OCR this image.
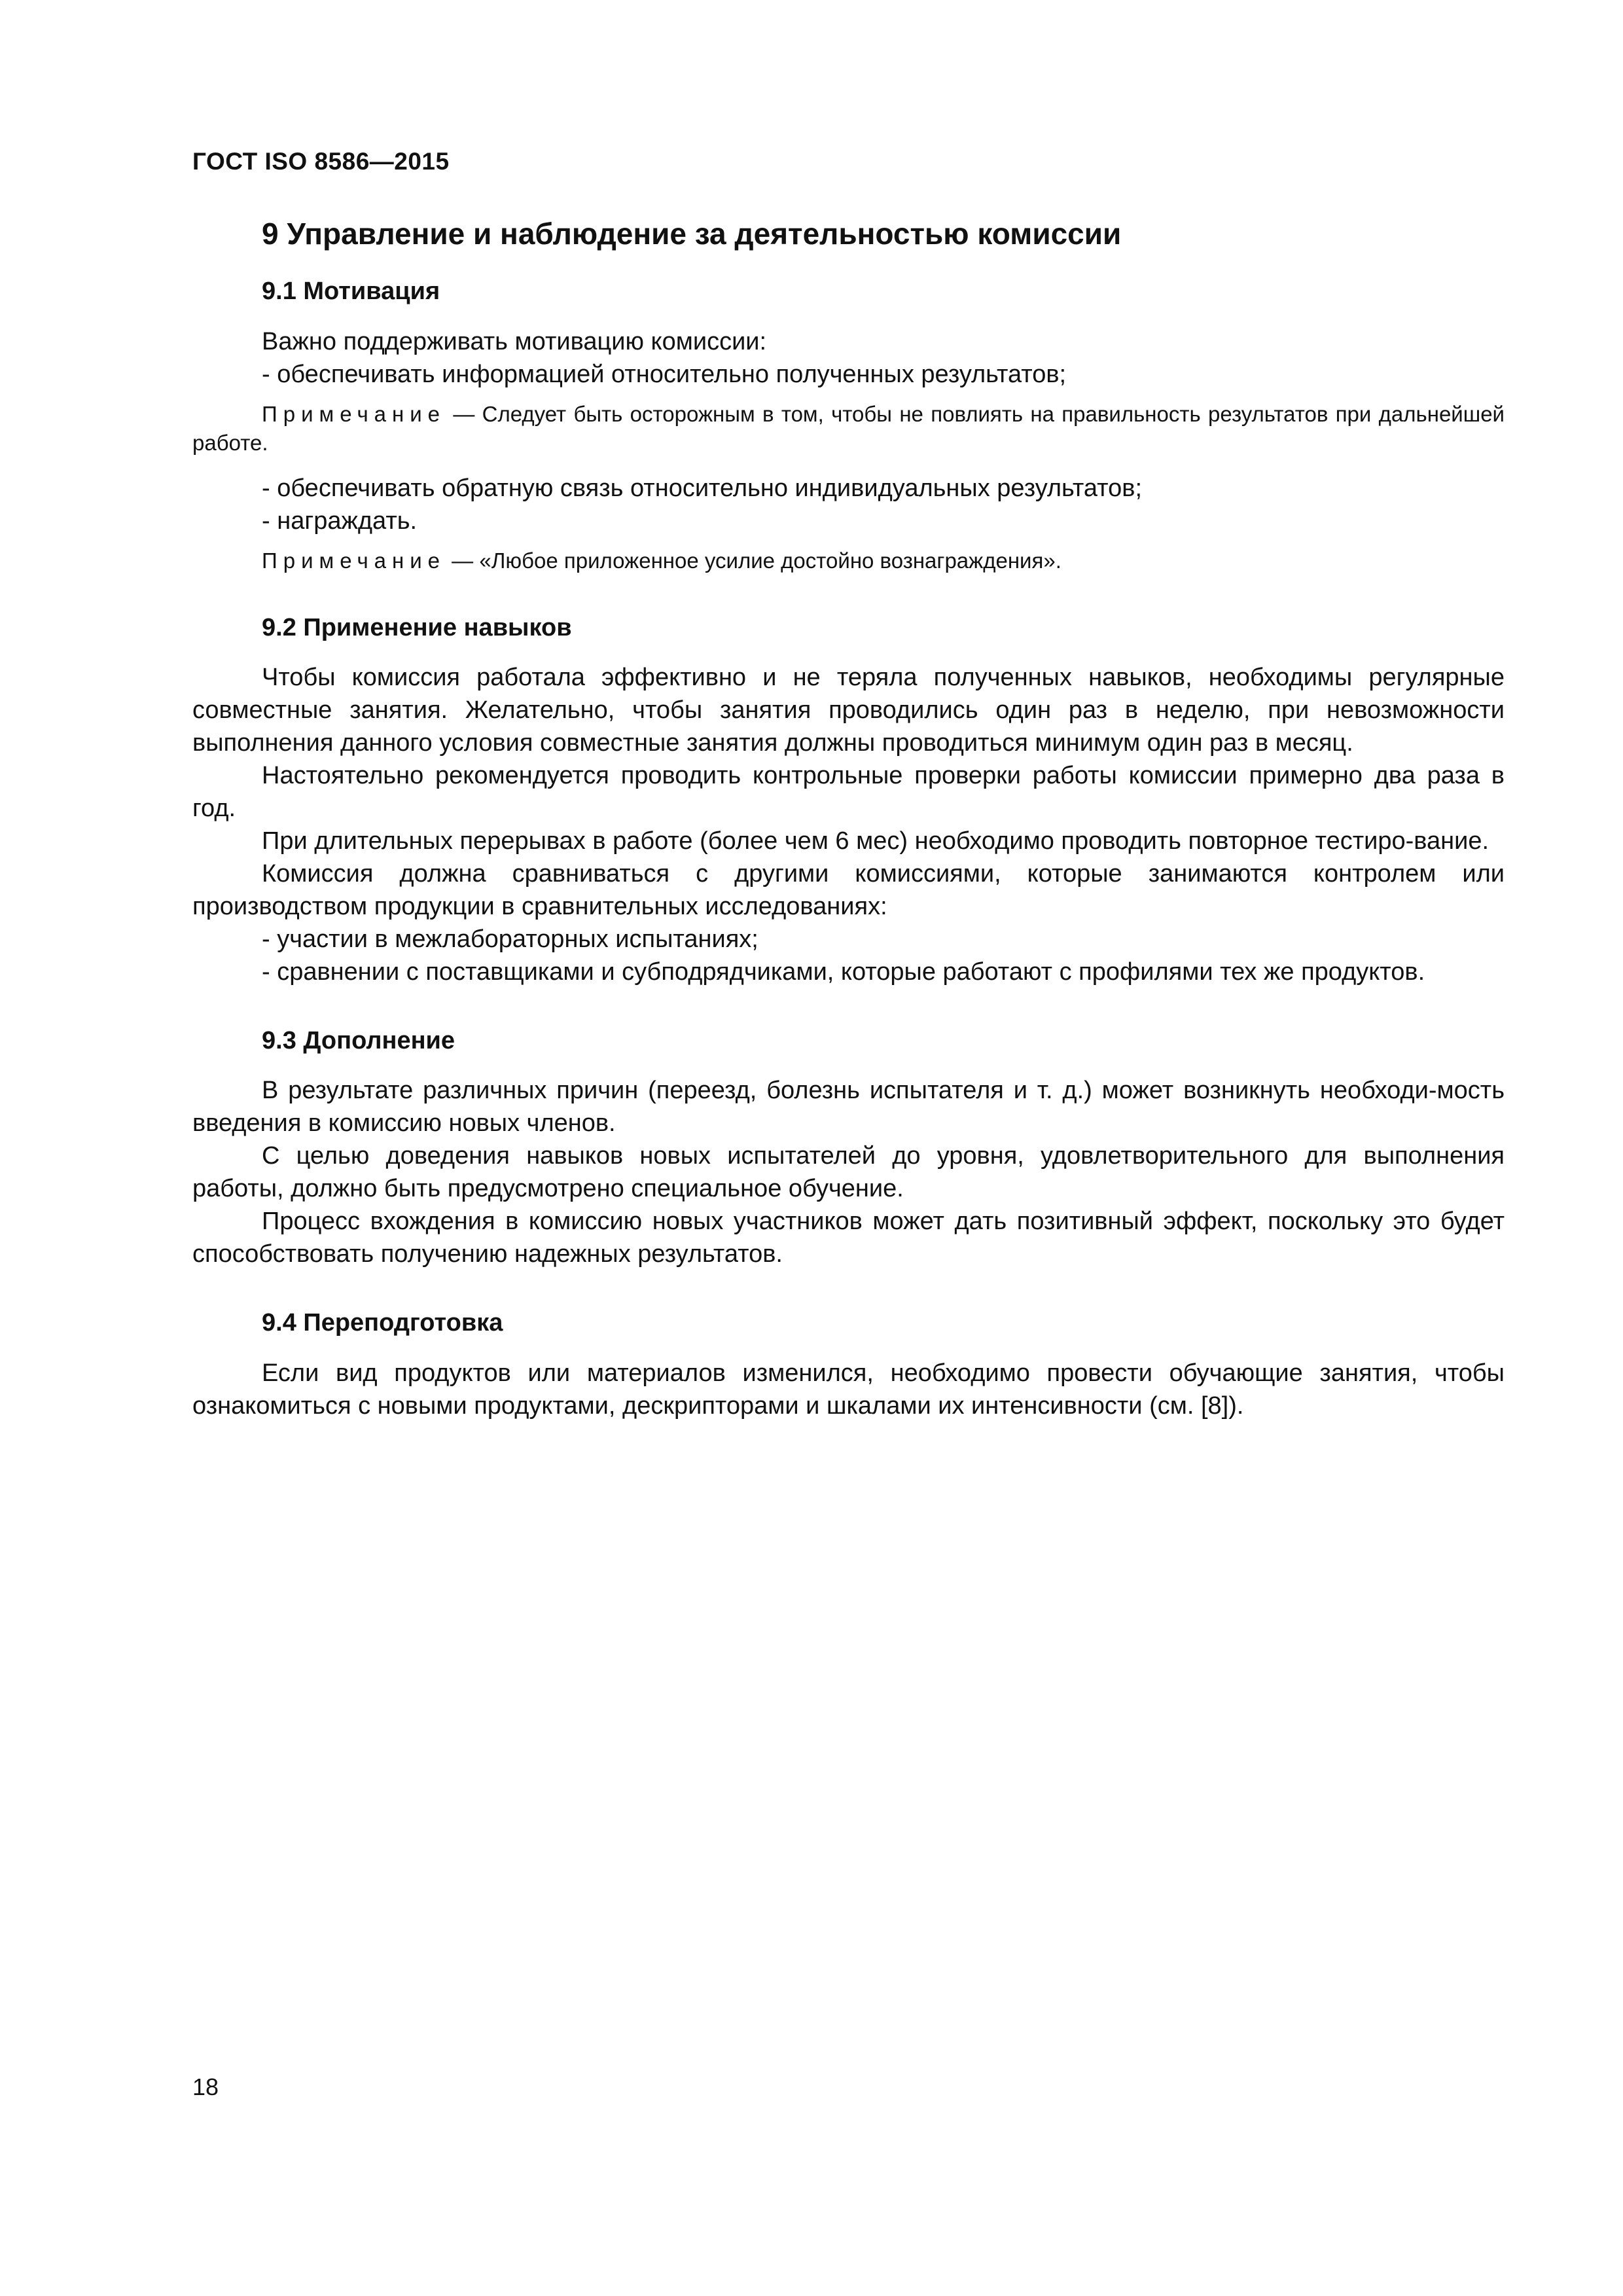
ГОСТ ISO 8586—2015
9 Управление и наблюдение за деятельностью комиссии
9.1 Мотивация

Важно поддерживать мотивацию комиссии:

- обеспечивать информацией относительно полученных результатов;

Примечание — Следует быть осторожным в том, чтобы не повлиять на правильность результатов при дальнейшей работе.

- обеспечивать обратную связь относительно индивидуальных результатов;

- награждать.

Примечание — «Любое приложенное усилие достойно вознаграждения».

9.2 Применение навыков

Чтобы комиссия работала эффективно и не теряла полученных навыков, необходимы регулярные совместные занятия. Желательно, чтобы занятия проводились один раз в неделю, при невозможности выполнения данного условия совместные занятия должны проводиться минимум один раз в месяц.

Настоятельно рекомендуется проводить контрольные проверки работы комиссии примерно два раза в год.

При длительных перерывах в работе (более чем 6 мес) необходимо проводить повторное тестиро-вание.

Комиссия должна сравниваться с другими комиссиями, которые занимаются контролем или производством продукции в сравнительных исследованиях:

- участии в межлабораторных испытаниях;

- сравнении с поставщиками и субподрядчиками, которые работают с профилями тех же продуктов.

9.3 Дополнение

В результате различных причин (переезд, болезнь испытателя и т. д.) может возникнуть необходи-мость введения в комиссию новых членов.

С целью доведения навыков новых испытателей до уровня, удовлетворительного для выполнения работы, должно быть предусмотрено специальное обучение.

Процесс вхождения в комиссию новых участников может дать позитивный эффект, поскольку это будет способствовать получению надежных результатов.

9.4 Переподготовка

Если вид продуктов или материалов изменился, необходимо провести обучающие занятия, чтобы ознакомиться с новыми продуктами, дескрипторами и шкалами их интенсивности (см. [8]).

18
